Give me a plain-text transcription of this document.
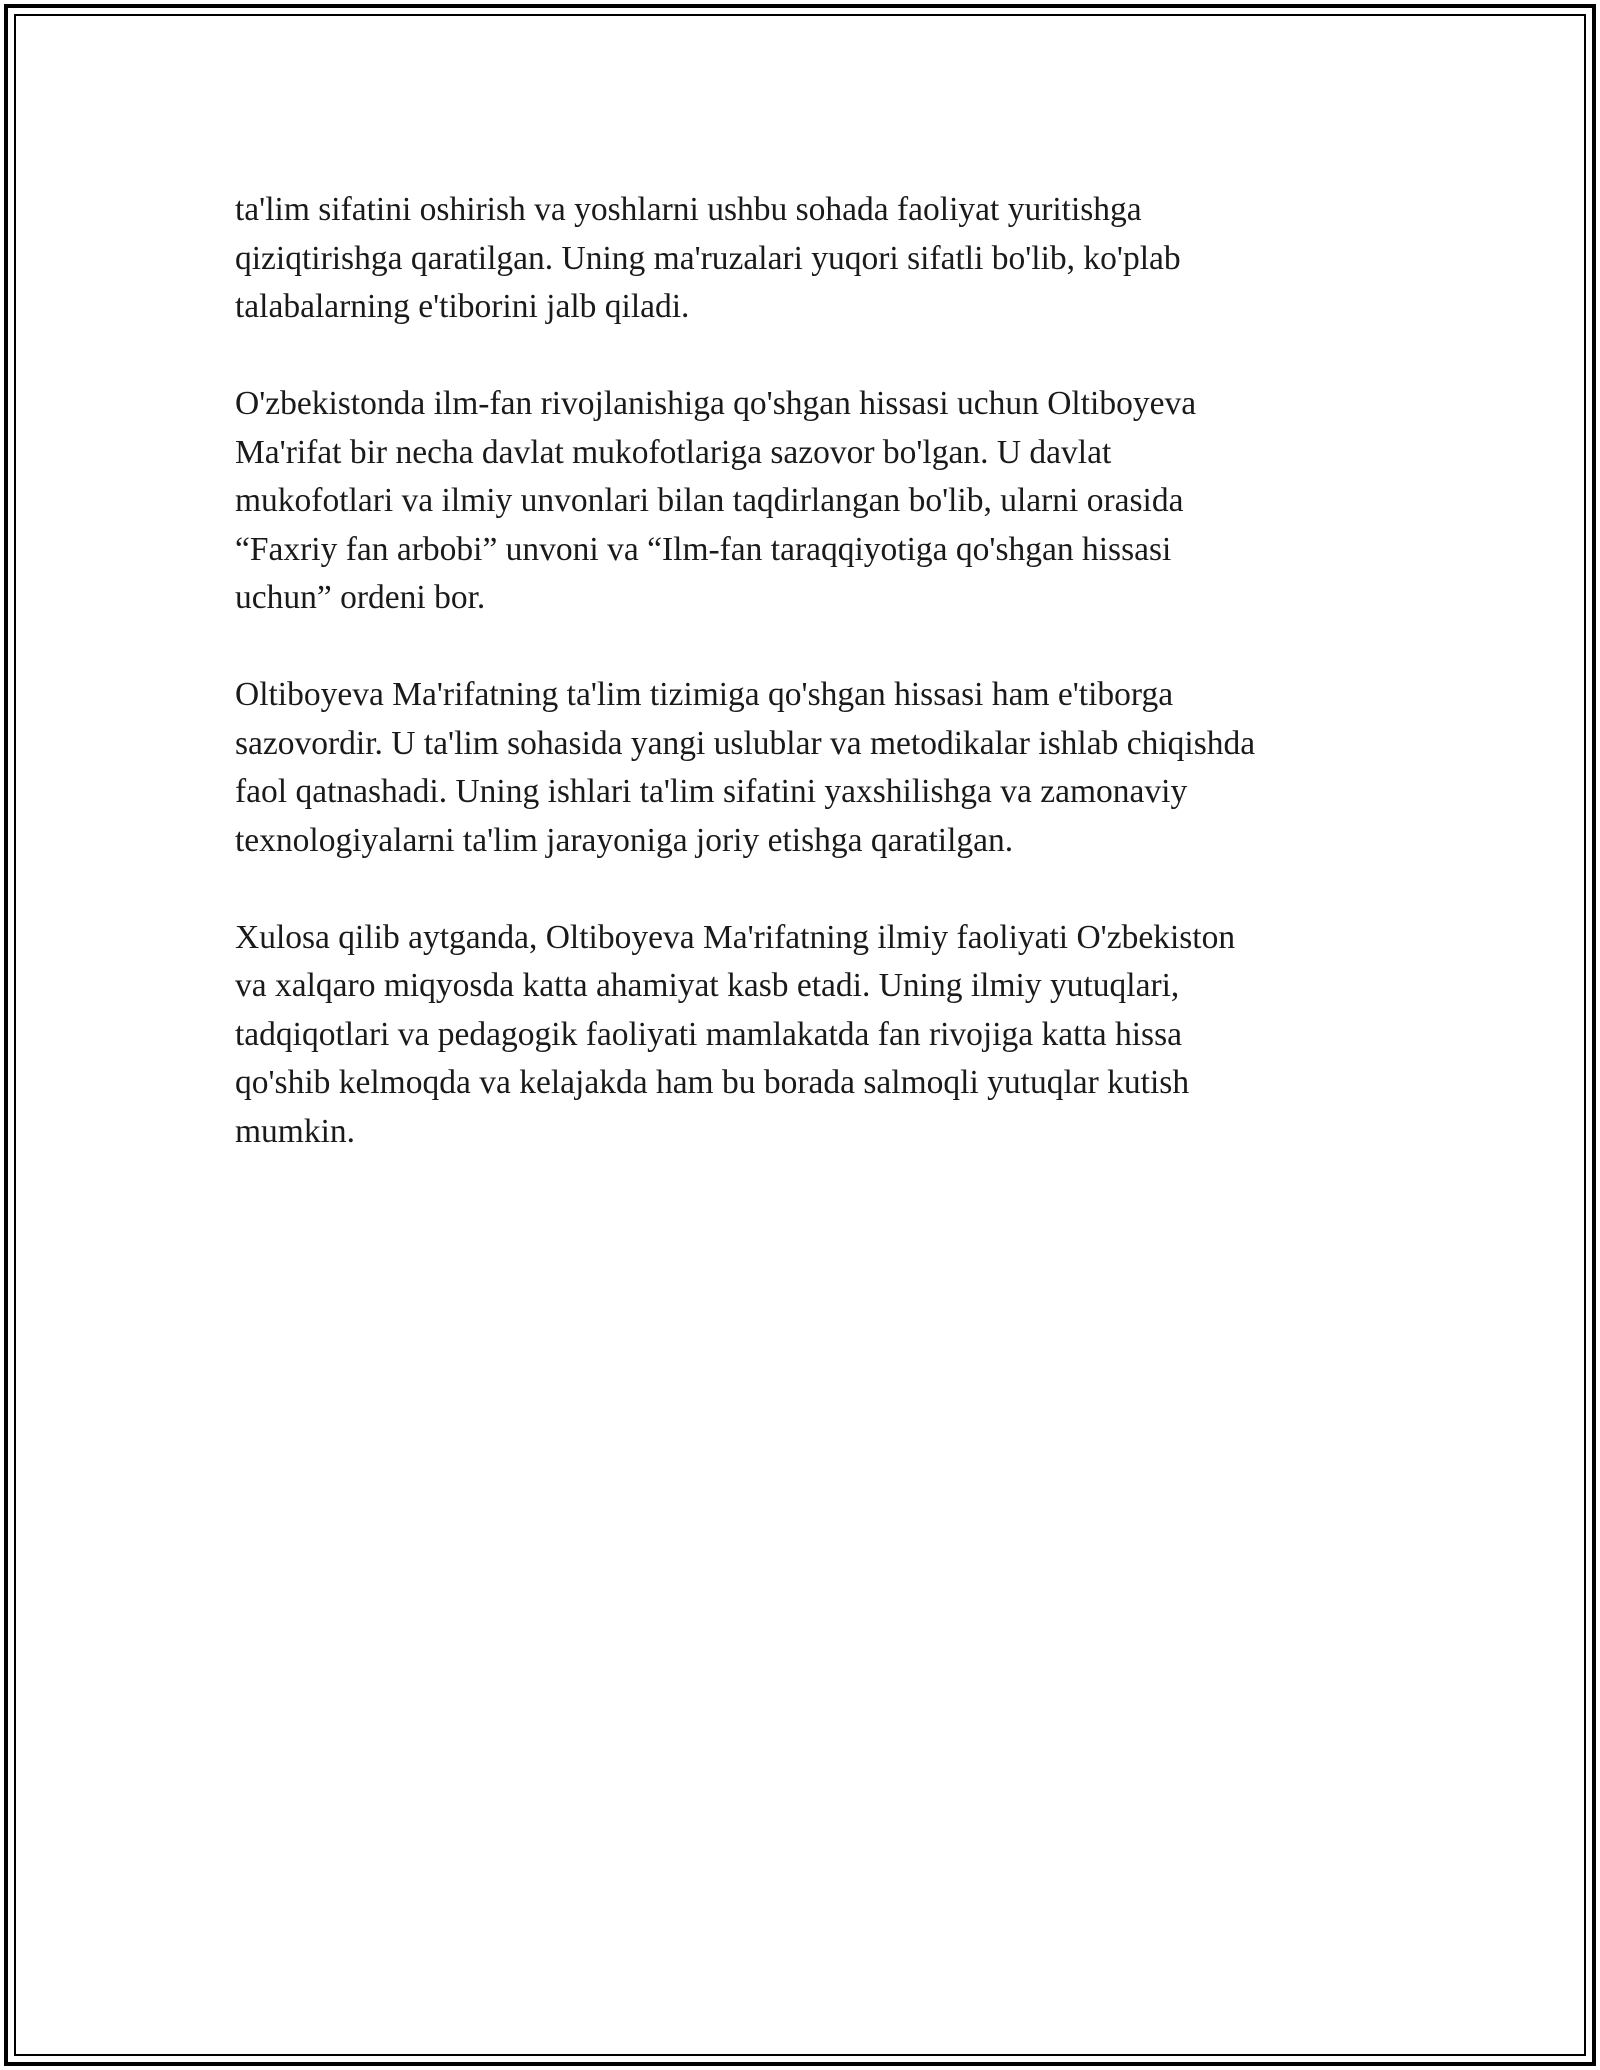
ta'lim sifatini oshirish va yoshlarni ushbu sohada faoliyat yuritishga
qiziqtirishga qaratilgan. Uning ma'ruzalari yuqori sifatli bo'lib, ko'plab
talabalarning e'tiborini jalb qiladi.

O'zbekistonda ilm-fan rivojlanishiga qo'shgan hissasi uchun Oltiboyeva
Ma'rifat bir necha davlat mukofotlariga sazovor bo'lgan. U davlat
mukofotlari va ilmiy unvonlari bilan taqdirlangan bo'lib, ularni orasida
“Faxriy fan arbobi” unvoni va “Ilm-fan taraqqiyotiga qo'shgan hissasi
uchun” ordeni bor.

Oltiboyeva Ma'rifatning ta'lim tizimiga qo'shgan hissasi ham e'tiborga
sazovordir. U ta'lim sohasida yangi uslublar va metodikalar ishlab chiqishda
faol qatnashadi. Uning ishlari ta'lim sifatini yaxshilishga va zamonaviy
texnologiyalarni ta'lim jarayoniga joriy etishga qaratilgan.

Xulosa qilib aytganda, Oltiboyeva Ma'rifatning ilmiy faoliyati O'zbekiston
va xalqaro miqyosda katta ahamiyat kasb etadi. Uning ilmiy yutuqlari,
tadqiqotlari va pedagogik faoliyati mamlakatda fan rivojiga katta hissa
qo'shib kelmoqda va kelajakda ham bu borada salmoqli yutuqlar kutish
mumkin.
